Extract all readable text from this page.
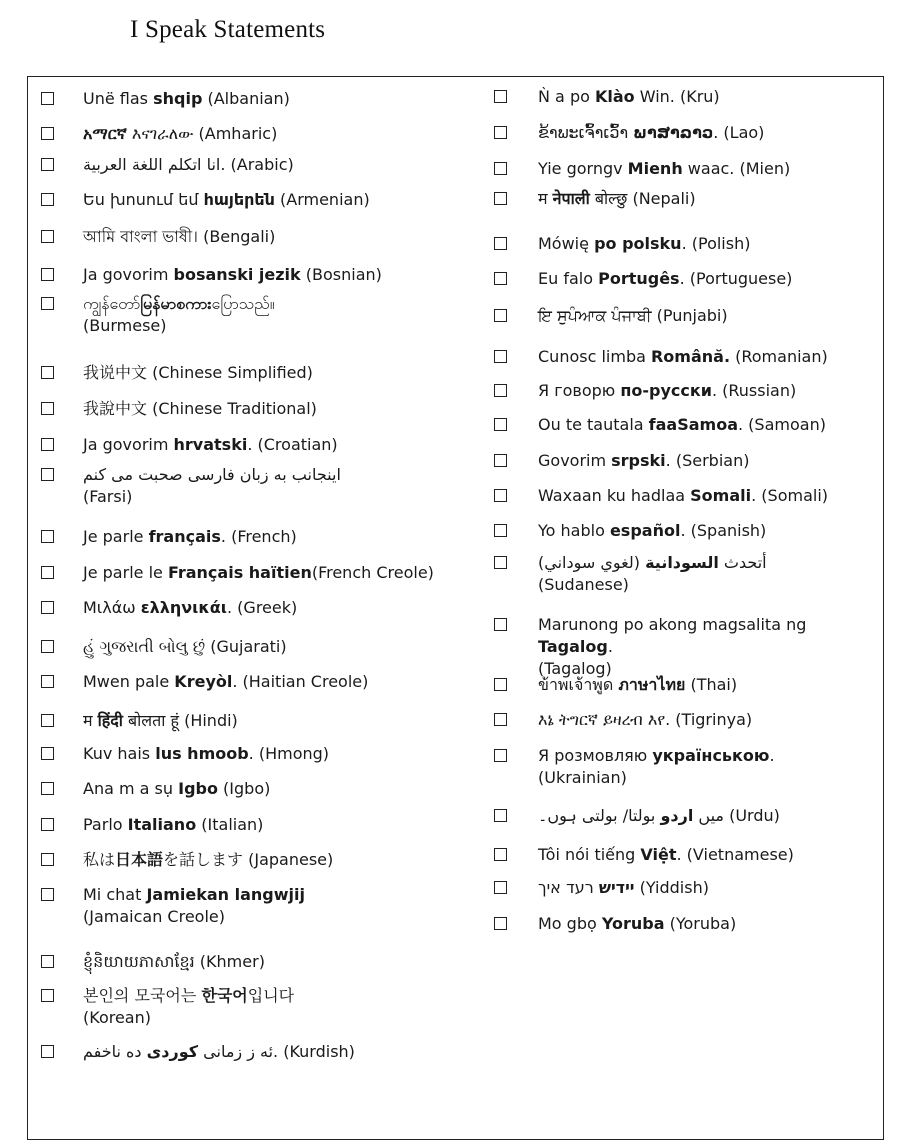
I Speak Statements
Unë flas shqip (Albanian)
አማርኛ እናገራለው (Amharic)
انا اتكلم اللغة العربية. (Arabic)
Ես խոսում եմ հայերեն (Armenian)
আমি বাংলা ভাষী। (Bengali)
Ja govorim bosanski jezik (Bosnian)
ကျွန်တော်မြန်မာစကားပြောသည်။
(Burmese)
我说中文 (Chinese Simplified)
我說中文 (Chinese Traditional)
Ja govorim hrvatski. (Croatian)
اینجانب به زبان فارسی صحبت می کنم
(Farsi)
Je parle français. (French)
Je parle le Français haïtien(French Creole)
Μιλάω ελληνικάι. (Greek)
હું ગુજરાતી બોલુ છું (Gujarati)
Mwen pale Kreyòl. (Haitian Creole)
म हिंदी बोलता हूं (Hindi)
Kuv hais lus hmoob. (Hmong)
Ana m a sụ Igbo (Igbo)
Parlo Italiano (Italian)
私は日本語を話します (Japanese)
Mi chat Jamiekan langwjij
(Jamaican Creole)
ខ្ញុំនិយាយភាសាខ្មែរ (Khmer)
본인의 모국어는 한국어입니다
(Korean)
ئه ز زمانی کوردی ده ناخفم. (Kurdish)
Ǹ a po Klào Win. (Kru)
ຂ້າພະເຈົ້າເວົ້າ ພາສາລາວ. (Lao)
Yie gorngv Mienh waac. (Mien)
म नेपाली बोल्छु (Nepali)
Mówię po polsku. (Polish)
Eu falo Portugês. (Portuguese)
ਇ ਸੁਪੰਆਕ ਪੰਜਾਬੀ (Punjabi)
Cunosc limba Română. (Romanian)
Я говорю по-русски. (Russian)
Ou te tautala faaSamoa. (Samoan)
Govorim srpski. (Serbian)
Waxaan ku hadlaa Somali. (Somali)
Yo hablo español. (Spanish)
أتحدث السودانية (لغوي سوداني)
(Sudanese)
Marunong po akong magsalita ng Tagalog.
(Tagalog)
ข้าพเจ้าพูด ภาษาไทย (Thai)
እኔ ትግርኛ ይዛረብ እየ. (Tigrinya)
Я розмовляю українською.
(Ukrainian)
میں اردو بولتا/ بولتی ہوں۔	(Urdu)
Tôi nói tiếng Việt. (Vietnamese)
יידיש רעד איך (Yiddish)
Mo gbọ Yoruba (Yoruba)
